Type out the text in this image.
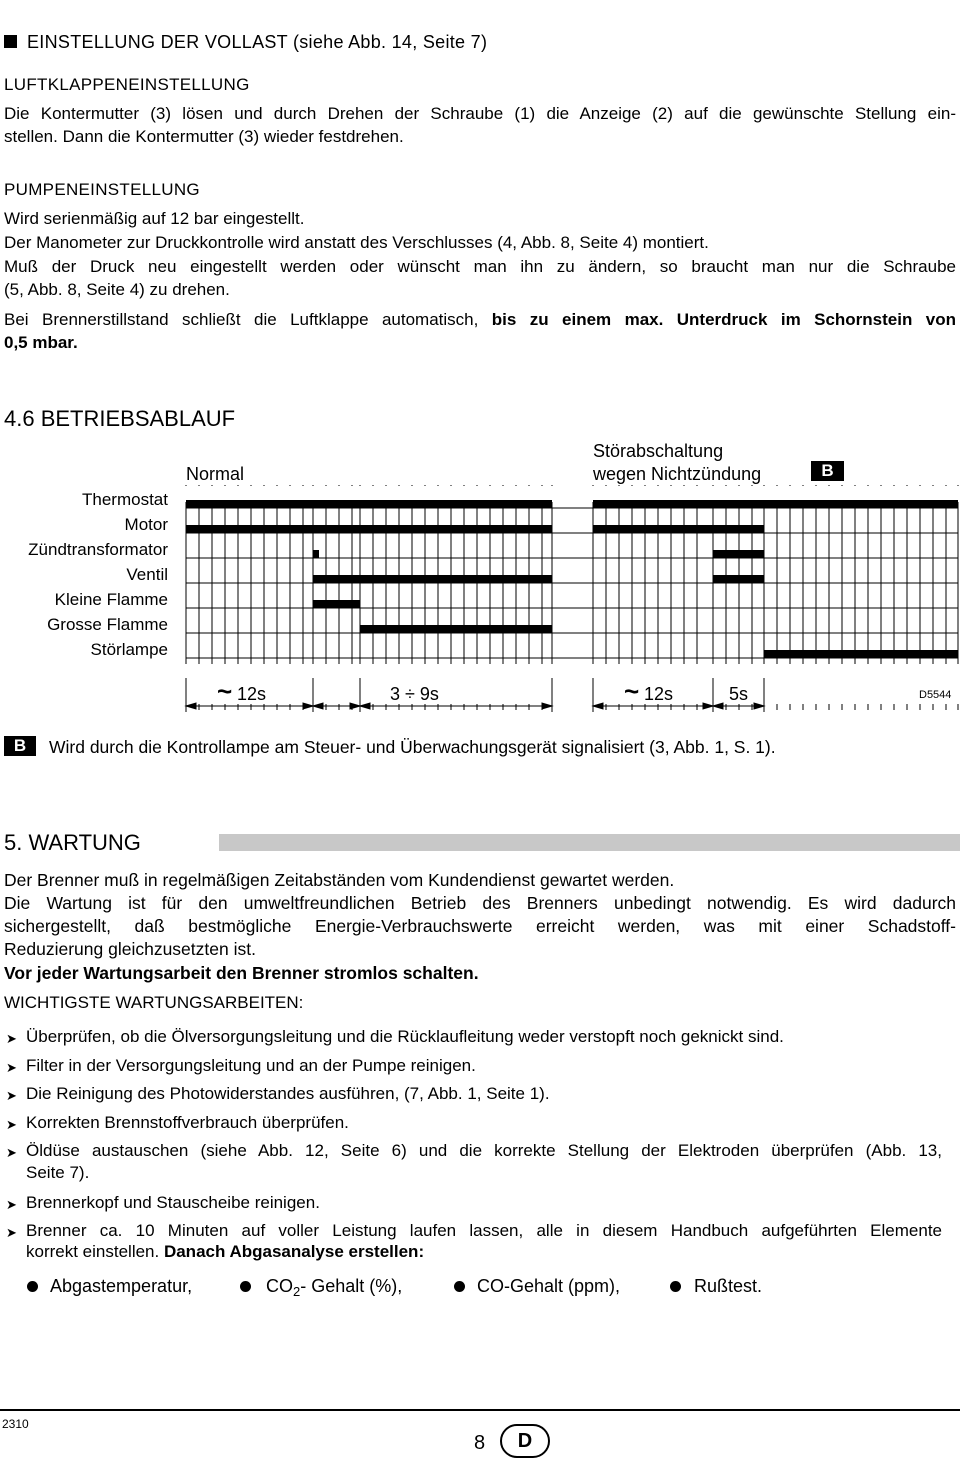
EINSTELLUNG DER VOLLAST (siehe Abb. 14, Seite 7)
LUFTKLAPPENEINSTELLUNG
Die Kontermutter (3) lösen und durch Drehen der Schraube (1) die Anzeige (2) auf die gewünschte Stellung ein-
stellen. Dann die Kontermutter (3) wieder festdrehen.
PUMPENEINSTELLUNG
Wird serienmäßig auf 12 bar eingestellt.
Der Manometer zur Druckkontrolle wird anstatt des Verschlusses (4, Abb. 8, Seite 4) montiert.
Muß der Druck neu eingestellt werden oder wünscht man ihn zu ändern, so braucht man nur die Schraube
(5, Abb. 8, Seite 4) zu drehen.
Bei Brennerstillstand schließt die Luftklappe automatisch, bis zu einem max. Unterdruck im Schornstein von
0,5 mbar.
4.6 BETRIEBSABLAUF
Normal
Störabschaltung
wegen Nichtzündung	B
Thermostat
Motor
Zündtransformator
Ventil
Kleine Flamme
Grosse Flamme
Störlampe
~ 12s	3 ÷ 9s	~ 12s	5s	D5544
B	Wird durch die Kontrollampe am Steuer- und Überwachungsgerät signalisiert (3, Abb. 1, S. 1).
5. WARTUNG
Der Brenner muß in regelmäßigen Zeitabständen vom Kundendienst gewartet werden.
Die Wartung ist für den umweltfreundlichen Betrieb des Brenners unbedingt notwendig. Es wird dadurch
sichergestellt, daß bestmögliche Energie-Verbrauchswerte erreicht werden, was mit einer Schadstoff-
Reduzierung gleichzusetzten ist.
Vor jeder Wartungsarbeit den Brenner stromlos schalten.
WICHTIGSTE WARTUNGSARBEITEN:
➤ Überprüfen, ob die Ölversorgungsleitung und die Rücklaufleitung weder verstopft noch geknickt sind.
➤ Filter in der Versorgungsleitung und an der Pumpe reinigen.
➤ Die Reinigung des Photowiderstandes ausführen, (7, Abb. 1, Seite 1).
➤ Korrekten Brennstoffverbrauch überprüfen.
➤ Öldüse austauschen (siehe Abb. 12, Seite 6) und die korrekte Stellung der Elektroden überprüfen (Abb. 13,
Seite 7).
➤ Brennerkopf und Stauscheibe reinigen.
➤ Brenner ca. 10 Minuten auf voller Leistung laufen lassen, alle in diesem Handbuch aufgeführten Elemente
korrekt einstellen. Danach Abgasanalyse erstellen:
Abgastemperatur,	$CO_2-$ Gehalt (%),	CO-Gehalt (ppm),	Rußtest.
2310
8	D
